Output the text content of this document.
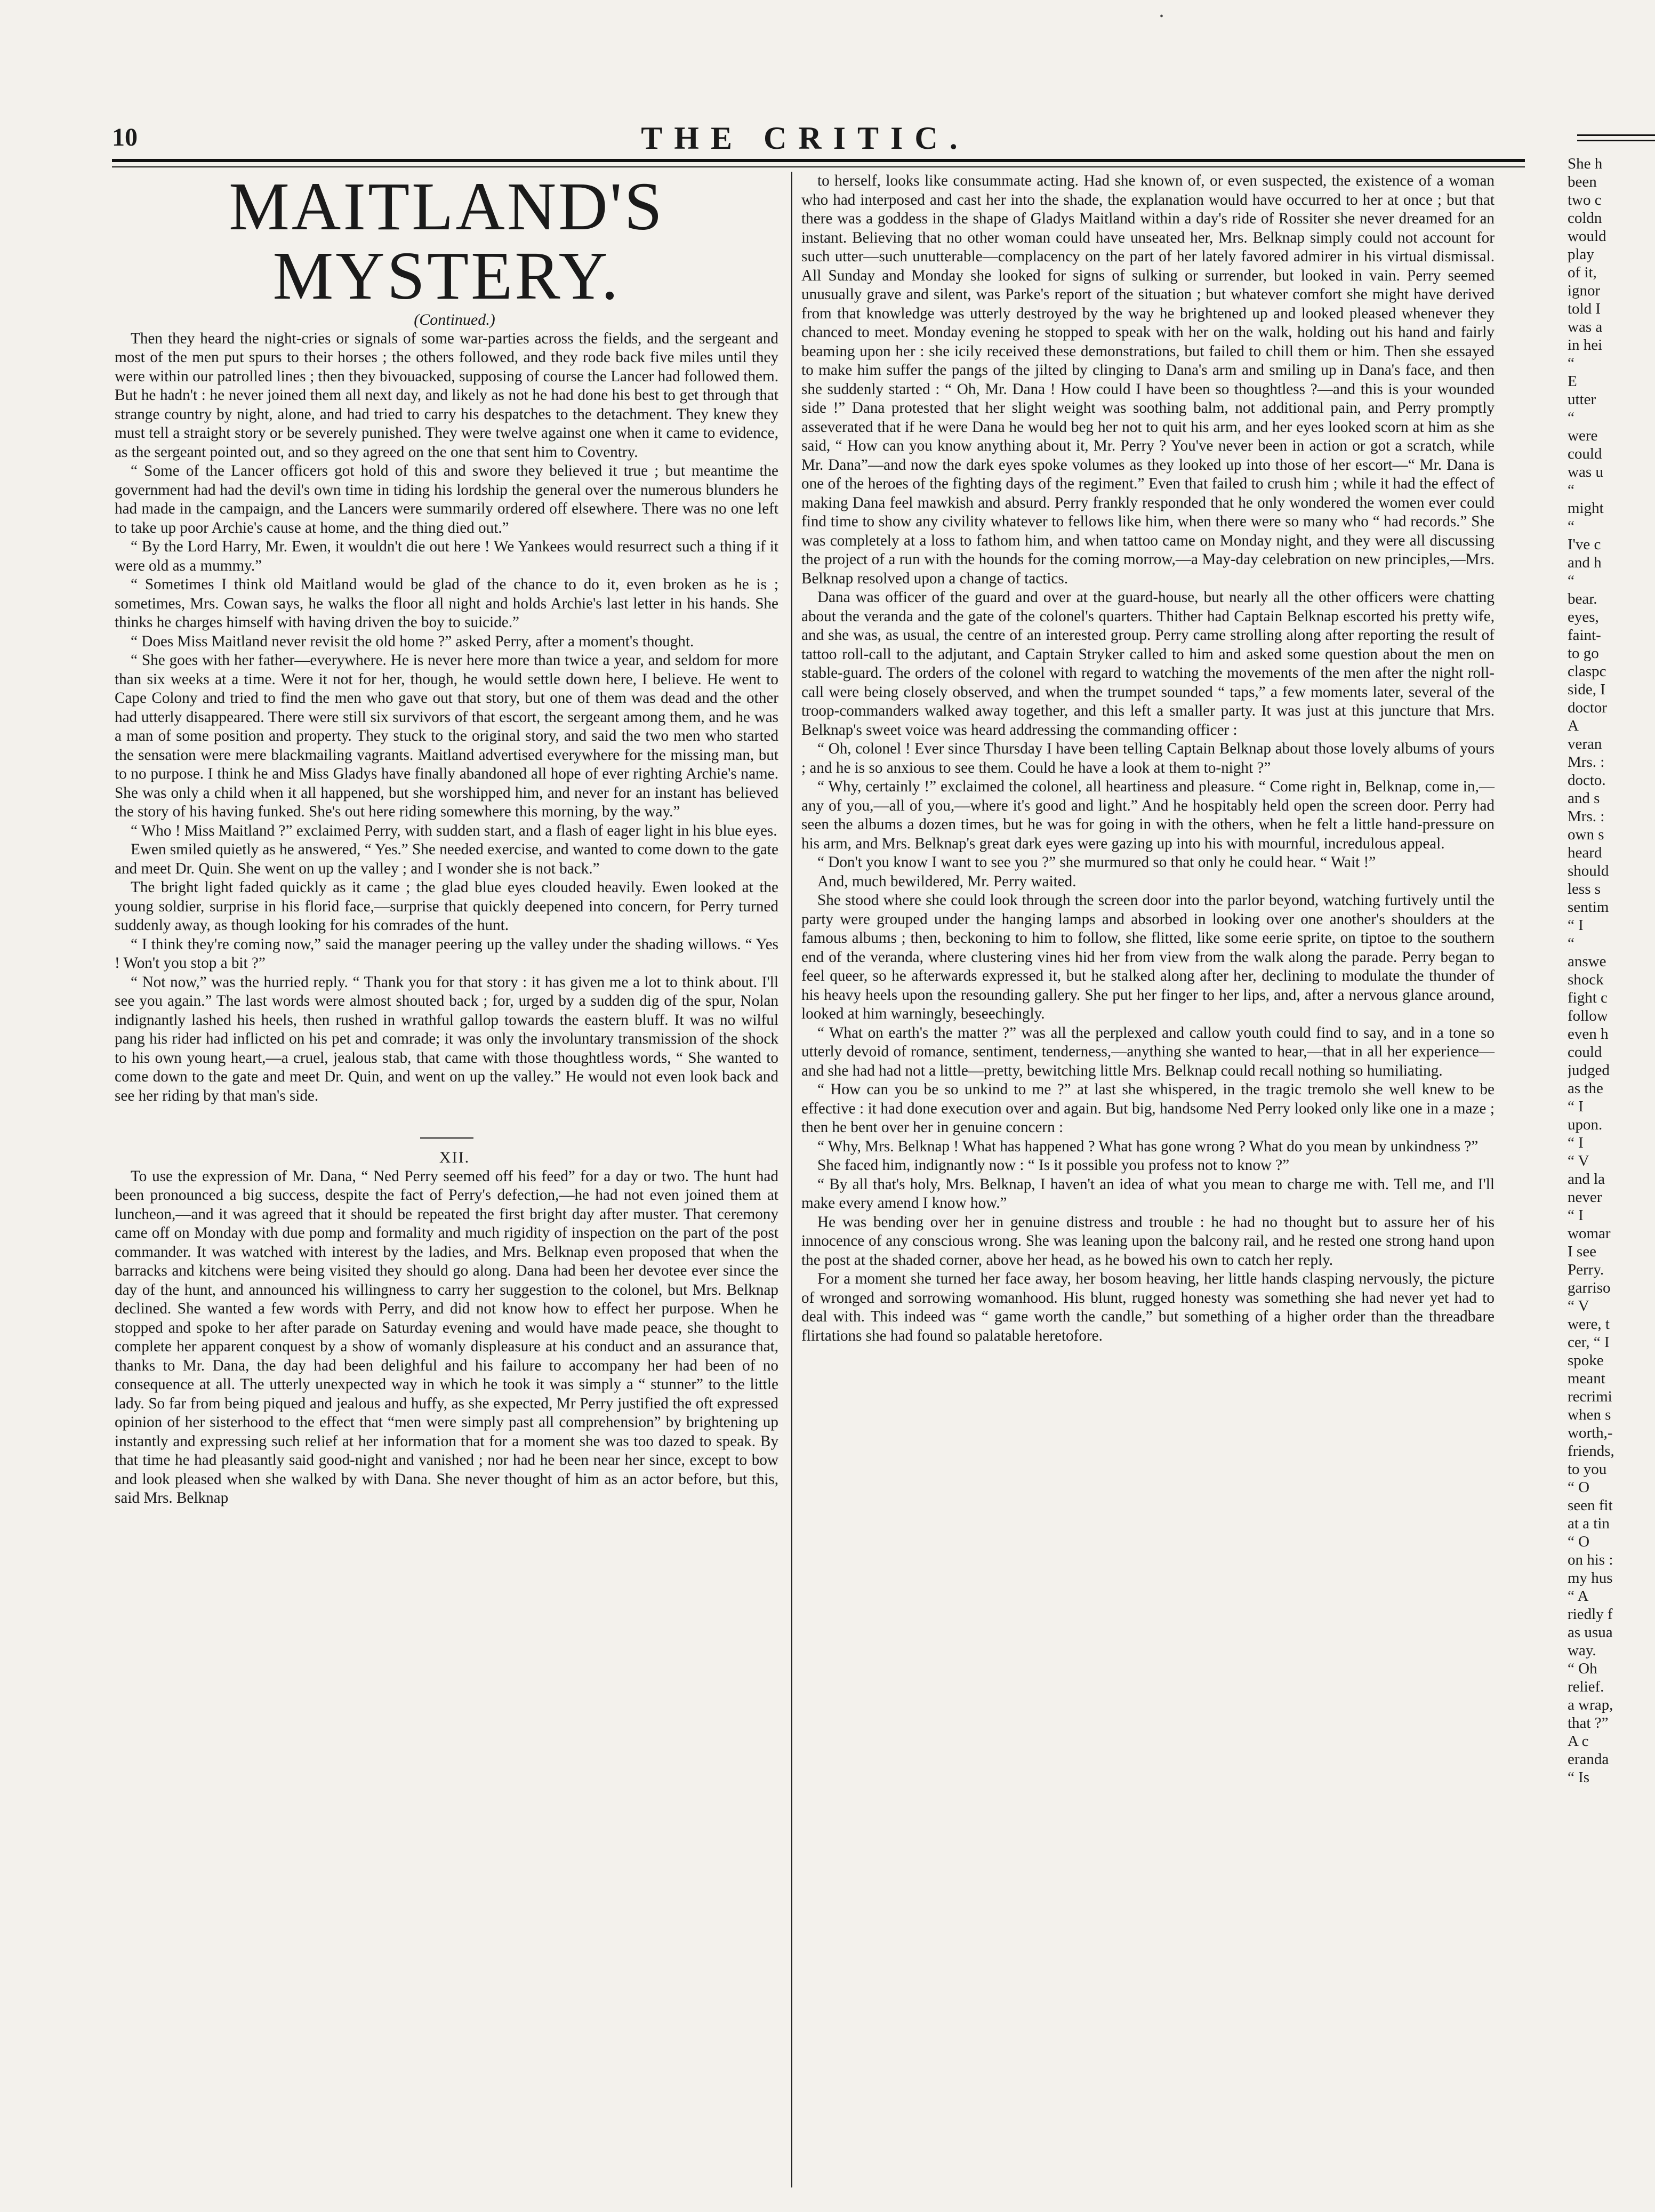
•
10	THE CRITIC.

MAITLAND'S MYSTERY.

(Continued.)

Then they heard the night-cries or signals of some war-parties across the fields, and the sergeant and most of the men put spurs to their horses ; the others followed, and they rode back five miles until they were within our patrolled lines ; then they bivouacked, supposing of course the Lancer had followed them. But he hadn't : he never joined them all next day, and likely as not he had done his best to get through that strange country by night, alone, and had tried to carry his despatches to the detachment. They knew they must tell a straight story or be severely punished. They were twelve against one when it came to evidence, as the sergeant pointed out, and so they agreed on the one that sent him to Coventry.

“ Some of the Lancer officers got hold of this and swore they believed it true ; but meantime the government had had the devil's own time in tiding his lordship the general over the numerous blunders he had made in the campaign, and the Lancers were summarily ordered off elsewhere. There was no one left to take up poor Archie's cause at home, and the thing died out.”

“ By the Lord Harry, Mr. Ewen, it wouldn't die out here ! We Yankees would resurrect such a thing if it were old as a mummy.”

“ Sometimes I think old Maitland would be glad of the chance to do it, even broken as he is ; sometimes, Mrs. Cowan says, he walks the floor all night and holds Archie's last letter in his hands. She thinks he charges himself with having driven the boy to suicide.”

“ Does Miss Maitland never revisit the old home ?” asked Perry, after a moment's thought.

“ She goes with her father—everywhere. He is never here more than twice a year, and seldom for more than six weeks at a time. Were it not for her, though, he would settle down here, I believe. He went to Cape Colony and tried to find the men who gave out that story, but one of them was dead and the other had utterly disappeared. There were still six survivors of that escort, the sergeant among them, and he was a man of some position and property. They stuck to the original story, and said the two men who started the sensation were mere blackmailing vagrants. Maitland advertised everywhere for the missing man, but to no purpose. I think he and Miss Gladys have finally abandoned all hope of ever righting Archie's name. She was only a child when it all happened, but she worshipped him, and never for an instant has believed the story of his having funked. She's out here riding somewhere this morning, by the way.”

“ Who ! Miss Maitland ?” exclaimed Perry, with sudden start, and a flash of eager light in his blue eyes.

Ewen smiled quietly as he answered, “ Yes.” She needed exercise, and wanted to come down to the gate and meet Dr. Quin. She went on up the valley ; and I wonder she is not back.”

The bright light faded quickly as it came ; the glad blue eyes clouded heavily. Ewen looked at the young soldier, surprise in his florid face,—surprise that quickly deepened into concern, for Perry turned suddenly away, as though looking for his comrades of the hunt.

“ I think they're coming now,” said the manager peering up the valley under the shading willows. “ Yes ! Won't you stop a bit ?”

“ Not now,” was the hurried reply. “ Thank you for that story : it has given me a lot to think about. I'll see you again.” The last words were almost shouted back ; for, urged by a sudden dig of the spur, Nolan indignantly lashed his heels, then rushed in wrathful gallop towards the eastern bluff. It was no wilful pang his rider had inflicted on his pet and comrade; it was only the involuntary transmission of the shock to his own young heart,—a cruel, jealous stab, that came with those thoughtless words, “ She wanted to come down to the gate and meet Dr. Quin, and went on up the valley.” He would not even look back and see her riding by that man's side.

XII.

To use the expression of Mr. Dana, “ Ned Perry seemed off his feed” for a day or two. The hunt had been pronounced a big success, despite the fact of Perry's defection,—he had not even joined them at luncheon,—and it was agreed that it should be repeated the first bright day after muster. That ceremony came off on Monday with due pomp and formality and much rigidity of inspection on the part of the post commander. It was watched with interest by the ladies, and Mrs. Belknap even proposed that when the barracks and kitchens were being visited they should go along. Dana had been her devotee ever since the day of the hunt, and announced his willingness to carry her suggestion to the colonel, but Mrs. Belknap declined. She wanted a few words with Perry, and did not know how to effect her purpose. When he stopped and spoke to her after parade on Saturday evening and would have made peace, she thought to complete her apparent conquest by a show of womanly displeasure at his conduct and an assurance that, thanks to Mr. Dana, the day had been delighful and his failure to accompany her had been of no consequence at all. The utterly unexpected way in which he took it was simply a “ stunner” to the little lady. So far from being piqued and jealous and huffy, as she expected, Mr Perry justified the oft expressed opinion of her sisterhood to the effect that “men were simply past all comprehension” by brightening up instantly and expressing such relief at her information that for a moment she was too dazed to speak. By that time he had pleasantly said good-night and vanished ; nor had he been near her since, except to bow and look pleased when she walked by with Dana. She never thought of him as an actor before, but this, said Mrs. Belknap

to herself, looks like consummate acting. Had she known of, or even suspected, the existence of a woman who had interposed and cast her into the shade, the explanation would have occurred to her at once ; but that there was a goddess in the shape of Gladys Maitland within a day's ride of Rossiter she never dreamed for an instant. Believing that no other woman could have unseated her, Mrs. Belknap simply could not account for such utter—such unutterable—complacency on the part of her lately favored admirer in his virtual dismissal. All Sunday and Monday she looked for signs of sulking or surrender, but looked in vain. Perry seemed unusually grave and silent, was Parke's report of the situation ; but whatever comfort she might have derived from that knowledge was utterly destroyed by the way he brightened up and looked pleased whenever they chanced to meet. Monday evening he stopped to speak with her on the walk, holding out his hand and fairly beaming upon her : she icily received these demonstrations, but failed to chill them or him. Then she essayed to make him suffer the pangs of the jilted by clinging to Dana's arm and smiling up in Dana's face, and then she suddenly started : “ Oh, Mr. Dana ! How could I have been so thoughtless ?—and this is your wounded side !” Dana protested that her slight weight was soothing balm, not additional pain, and Perry promptly asseverated that if he were Dana he would beg her not to quit his arm, and her eyes looked scorn at him as she said, “ How can you know anything about it, Mr. Perry ? You've never been in action or got a scratch, while Mr. Dana”—and now the dark eyes spoke volumes as they looked up into those of her escort—“ Mr. Dana is one of the heroes of the fighting days of the regiment.” Even that failed to crush him ; while it had the effect of making Dana feel mawkish and absurd. Perry frankly responded that he only wondered the women ever could find time to show any civility whatever to fellows like him, when there were so many who “ had records.” She was completely at a loss to fathom him, and when tattoo came on Monday night, and they were all discussing the project of a run with the hounds for the coming morrow,—a May-day celebration on new principles,—Mrs. Belknap resolved upon a change of tactics.

Dana was officer of the guard and over at the guard-house, but nearly all the other officers were chatting about the veranda and the gate of the colonel's quarters. Thither had Captain Belknap escorted his pretty wife, and she was, as usual, the centre of an interested group. Perry came strolling along after reporting the result of tattoo roll-call to the adjutant, and Captain Stryker called to him and asked some question about the men on stable-guard. The orders of the colonel with regard to watching the movements of the men after the night roll-call were being closely observed, and when the trumpet sounded “ taps,” a few moments later, several of the troop-commanders walked away together, and this left a smaller party. It was just at this juncture that Mrs. Belknap's sweet voice was heard addressing the commanding officer :

“ Oh, colonel ! Ever since Thursday I have been telling Captain Belknap about those lovely albums of yours ; and he is so anxious to see them. Could he have a look at them to-night ?”

“ Why, certainly !” exclaimed the colonel, all heartiness and pleasure. “ Come right in, Belknap, come in,—any of you,—all of you,—where it's good and light.” And he hospitably held open the screen door. Perry had seen the albums a dozen times, but he was for going in with the others, when he felt a little hand-pressure on his arm, and Mrs. Belknap's great dark eyes were gazing up into his with mournful, incredulous appeal.

“ Don't you know I want to see you ?” she murmured so that only he could hear. “ Wait !”

And, much bewildered, Mr. Perry waited.

She stood where she could look through the screen door into the parlor beyond, watching furtively until the party were grouped under the hanging lamps and absorbed in looking over one another's shoulders at the famous albums ; then, beckoning to him to follow, she flitted, like some eerie sprite, on tiptoe to the southern end of the veranda, where clustering vines hid her from view from the walk along the parade. Perry began to feel queer, so he afterwards expressed it, but he stalked along after her, declining to modulate the thunder of his heavy heels upon the resounding gallery. She put her finger to her lips, and, after a nervous glance around, looked at him warningly, beseechingly.

“ What on earth's the matter ?” was all the perplexed and callow youth could find to say, and in a tone so utterly devoid of romance, sentiment, tenderness,—anything she wanted to hear,—that in all her experience—and she had had not a little—pretty, bewitching little Mrs. Belknap could recall nothing so humiliating.

“ How can you be so unkind to me ?” at last she whispered, in the tragic tremolo she well knew to be effective : it had done execution over and again. But big, handsome Ned Perry looked only like one in a maze ; then he bent over her in genuine concern :

“ Why, Mrs. Belknap ! What has happened ? What has gone wrong ? What do you mean by unkindness ?”

She faced him, indignantly now : “ Is it possible you profess not to know ?”

“ By all that's holy, Mrs. Belknap, I haven't an idea of what you mean to charge me with. Tell me, and I'll make every amend I know how.”

He was bending over her in genuine distress and trouble : he had no thought but to assure her of his innocence of any conscious wrong. She was leaning upon the balcony rail, and he rested one strong hand upon the post at the shaded corner, above her head, as he bowed his own to catch her reply.

For a moment she turned her face away, her bosom heaving, her little hands clasping nervously, the picture of wronged and sorrowing womanhood. His blunt, rugged honesty was something she had never yet had to deal with. This indeed was “ game worth the candle,” but something of a higher order than the threadbare flirtations she had found so palatable heretofore.

She h
been
two c
coldn
would
play
of it,
ignor
told I
was a
in hei
“
E
utter
“
were
could
was u
“
might
“
I've c
and h
“
bear.
eyes,
faint-
to go
claspc
side, I
doctor
A
veran
Mrs. :
docto.
and s
Mrs. :
own s
heard
should
less s
sentim
“ I
“
answe
shock
fight c
follow
even h
could
judged
as the
“ I
upon.
“ I
“ V
and la
never
“ I
womar
I see
Perry.
garriso
“ V
were, t
cer, “ I
spoke
meant
recrimi
when s
worth,-
friends,
to you
“ O
seen fit
at a tin
“ O
on his :
my hus
“ A
riedly f
as usua
way.
“ Oh
relief.
a wrap,
that ?”
A c
eranda
“ Is
